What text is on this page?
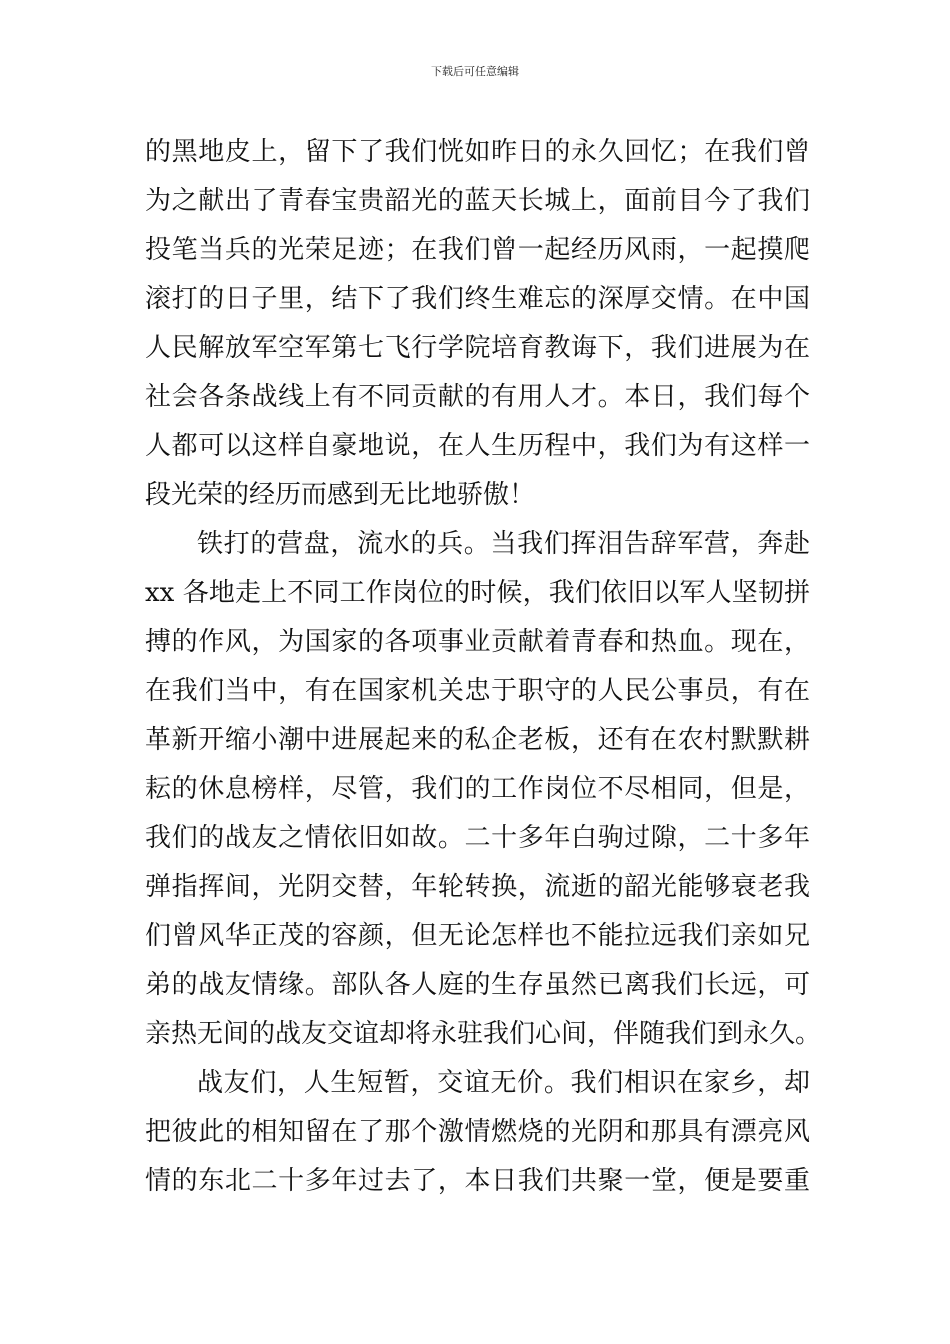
下载后可任意编辑
的黑地皮上，留下了我们恍如昨日的永久回忆；在我们曾
为之献出了青春宝贵韶光的蓝天长城上，面前目今了我们
投笔当兵的光荣足迹；在我们曾一起经历风雨，一起摸爬
滚打的日子里，结下了我们终生难忘的深厚交情。在中国
人民解放军空军第七飞行学院培育教诲下，我们进展为在
社会各条战线上有不同贡献的有用人才。本日，我们每个
人都可以这样自豪地说，在人生历程中，我们为有这样一
段光荣的经历而感到无比地骄傲！
铁打的营盘，流水的兵。当我们挥泪告辞军营，奔赴
xx 各地走上不同工作岗位的时候，我们依旧以军人坚韧拼
搏的作风，为国家的各项事业贡献着青春和热血。现在，
在我们当中，有在国家机关忠于职守的人民公事员，有在
革新开缩小潮中进展起来的私企老板，还有在农村默默耕
耘的休息榜样，尽管，我们的工作岗位不尽相同，但是，
我们的战友之情依旧如故。二十多年白驹过隙，二十多年
弹指挥间，光阴交替，年轮转换，流逝的韶光能够衰老我
们曾风华正茂的容颜，但无论怎样也不能拉远我们亲如兄
弟的战友情缘。部队各人庭的生存虽然已离我们长远，可
亲热无间的战友交谊却将永驻我们心间，伴随我们到永久。
战友们，人生短暂，交谊无价。我们相识在家乡，却
把彼此的相知留在了那个激情燃烧的光阴和那具有漂亮风
情的东北二十多年过去了，本日我们共聚一堂，便是要重
